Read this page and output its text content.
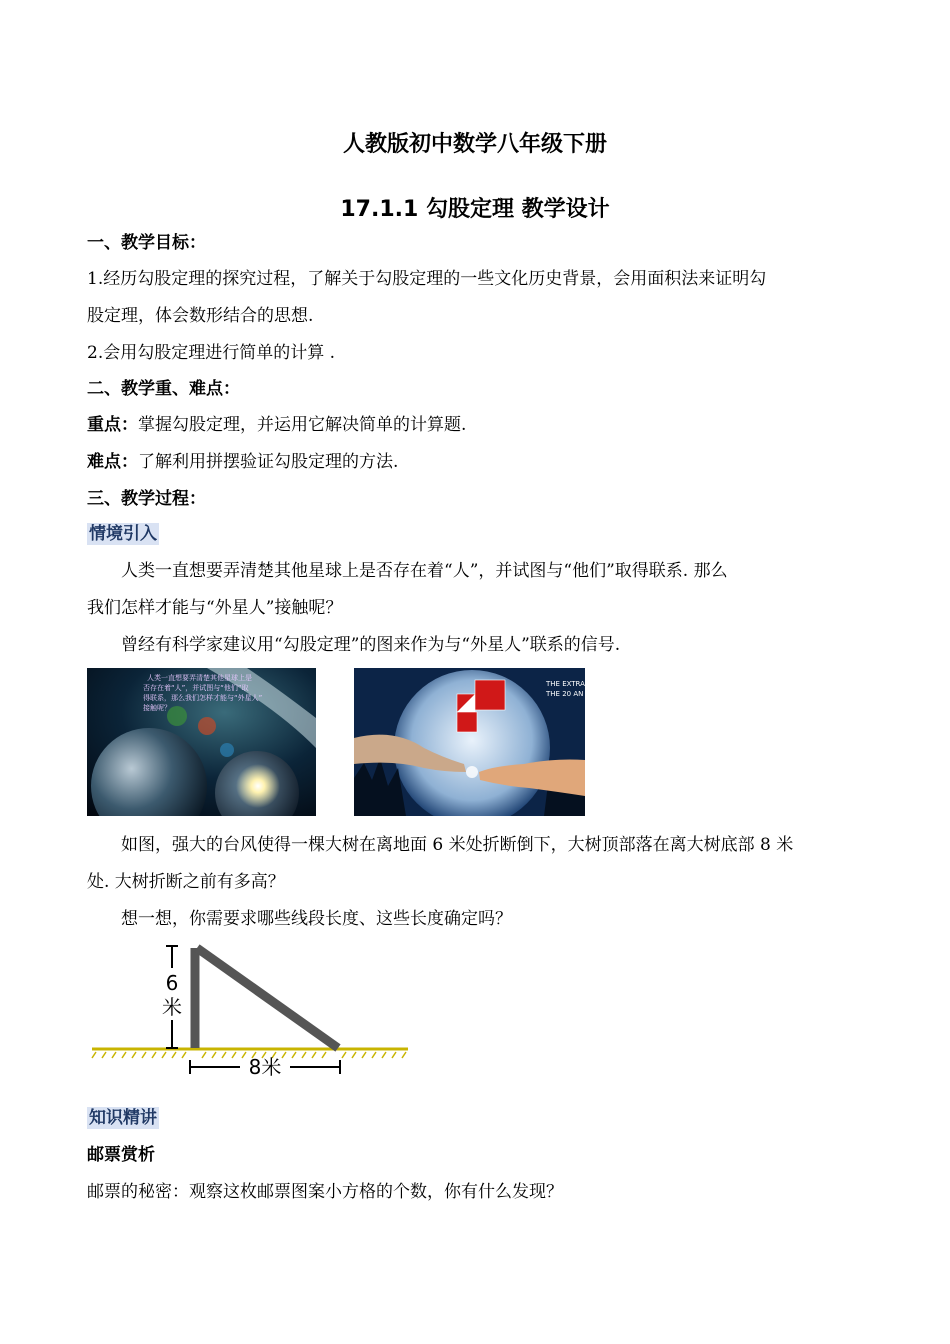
人教版初中数学八年级下册
17.1.1 勾股定理 教学设计
一、教学目标：
1.经历勾股定理的探究过程，了解关于勾股定理的一些文化历史背景，会用面积法来证明勾
股定理，体会数形结合的思想.
2.会用勾股定理进行简单的计算 .
二、教学重、难点：
重点：掌握勾股定理，并运用它解决简单的计算题.
难点：了解利用拼摆验证勾股定理的方法.
三、教学过程：
情境引入
人类一直想要弄清楚其他星球上是否存在着“人”，并试图与“他们”取得联系. 那么
我们怎样才能与“外星人”接触呢？
曾经有科学家建议用“勾股定理”的图来作为与“外星人”联系的信号.
人类一直想要弄清楚其他星球上是
否存在着“人”，并试图与“他们”取
得联系，那么我们怎样才能与“外星人”
接触呢？
THE EXTRA
THE 20 AN
如图，强大的台风使得一棵大树在离地面 6 米处折断倒下，大树顶部落在离大树底部 8 米
处. 大树折断之前有多高？
想一想，你需要求哪些线段长度、这些长度确定吗？
6
米
8米
知识精讲
邮票赏析
邮票的秘密：观察这枚邮票图案小方格的个数，你有什么发现？
